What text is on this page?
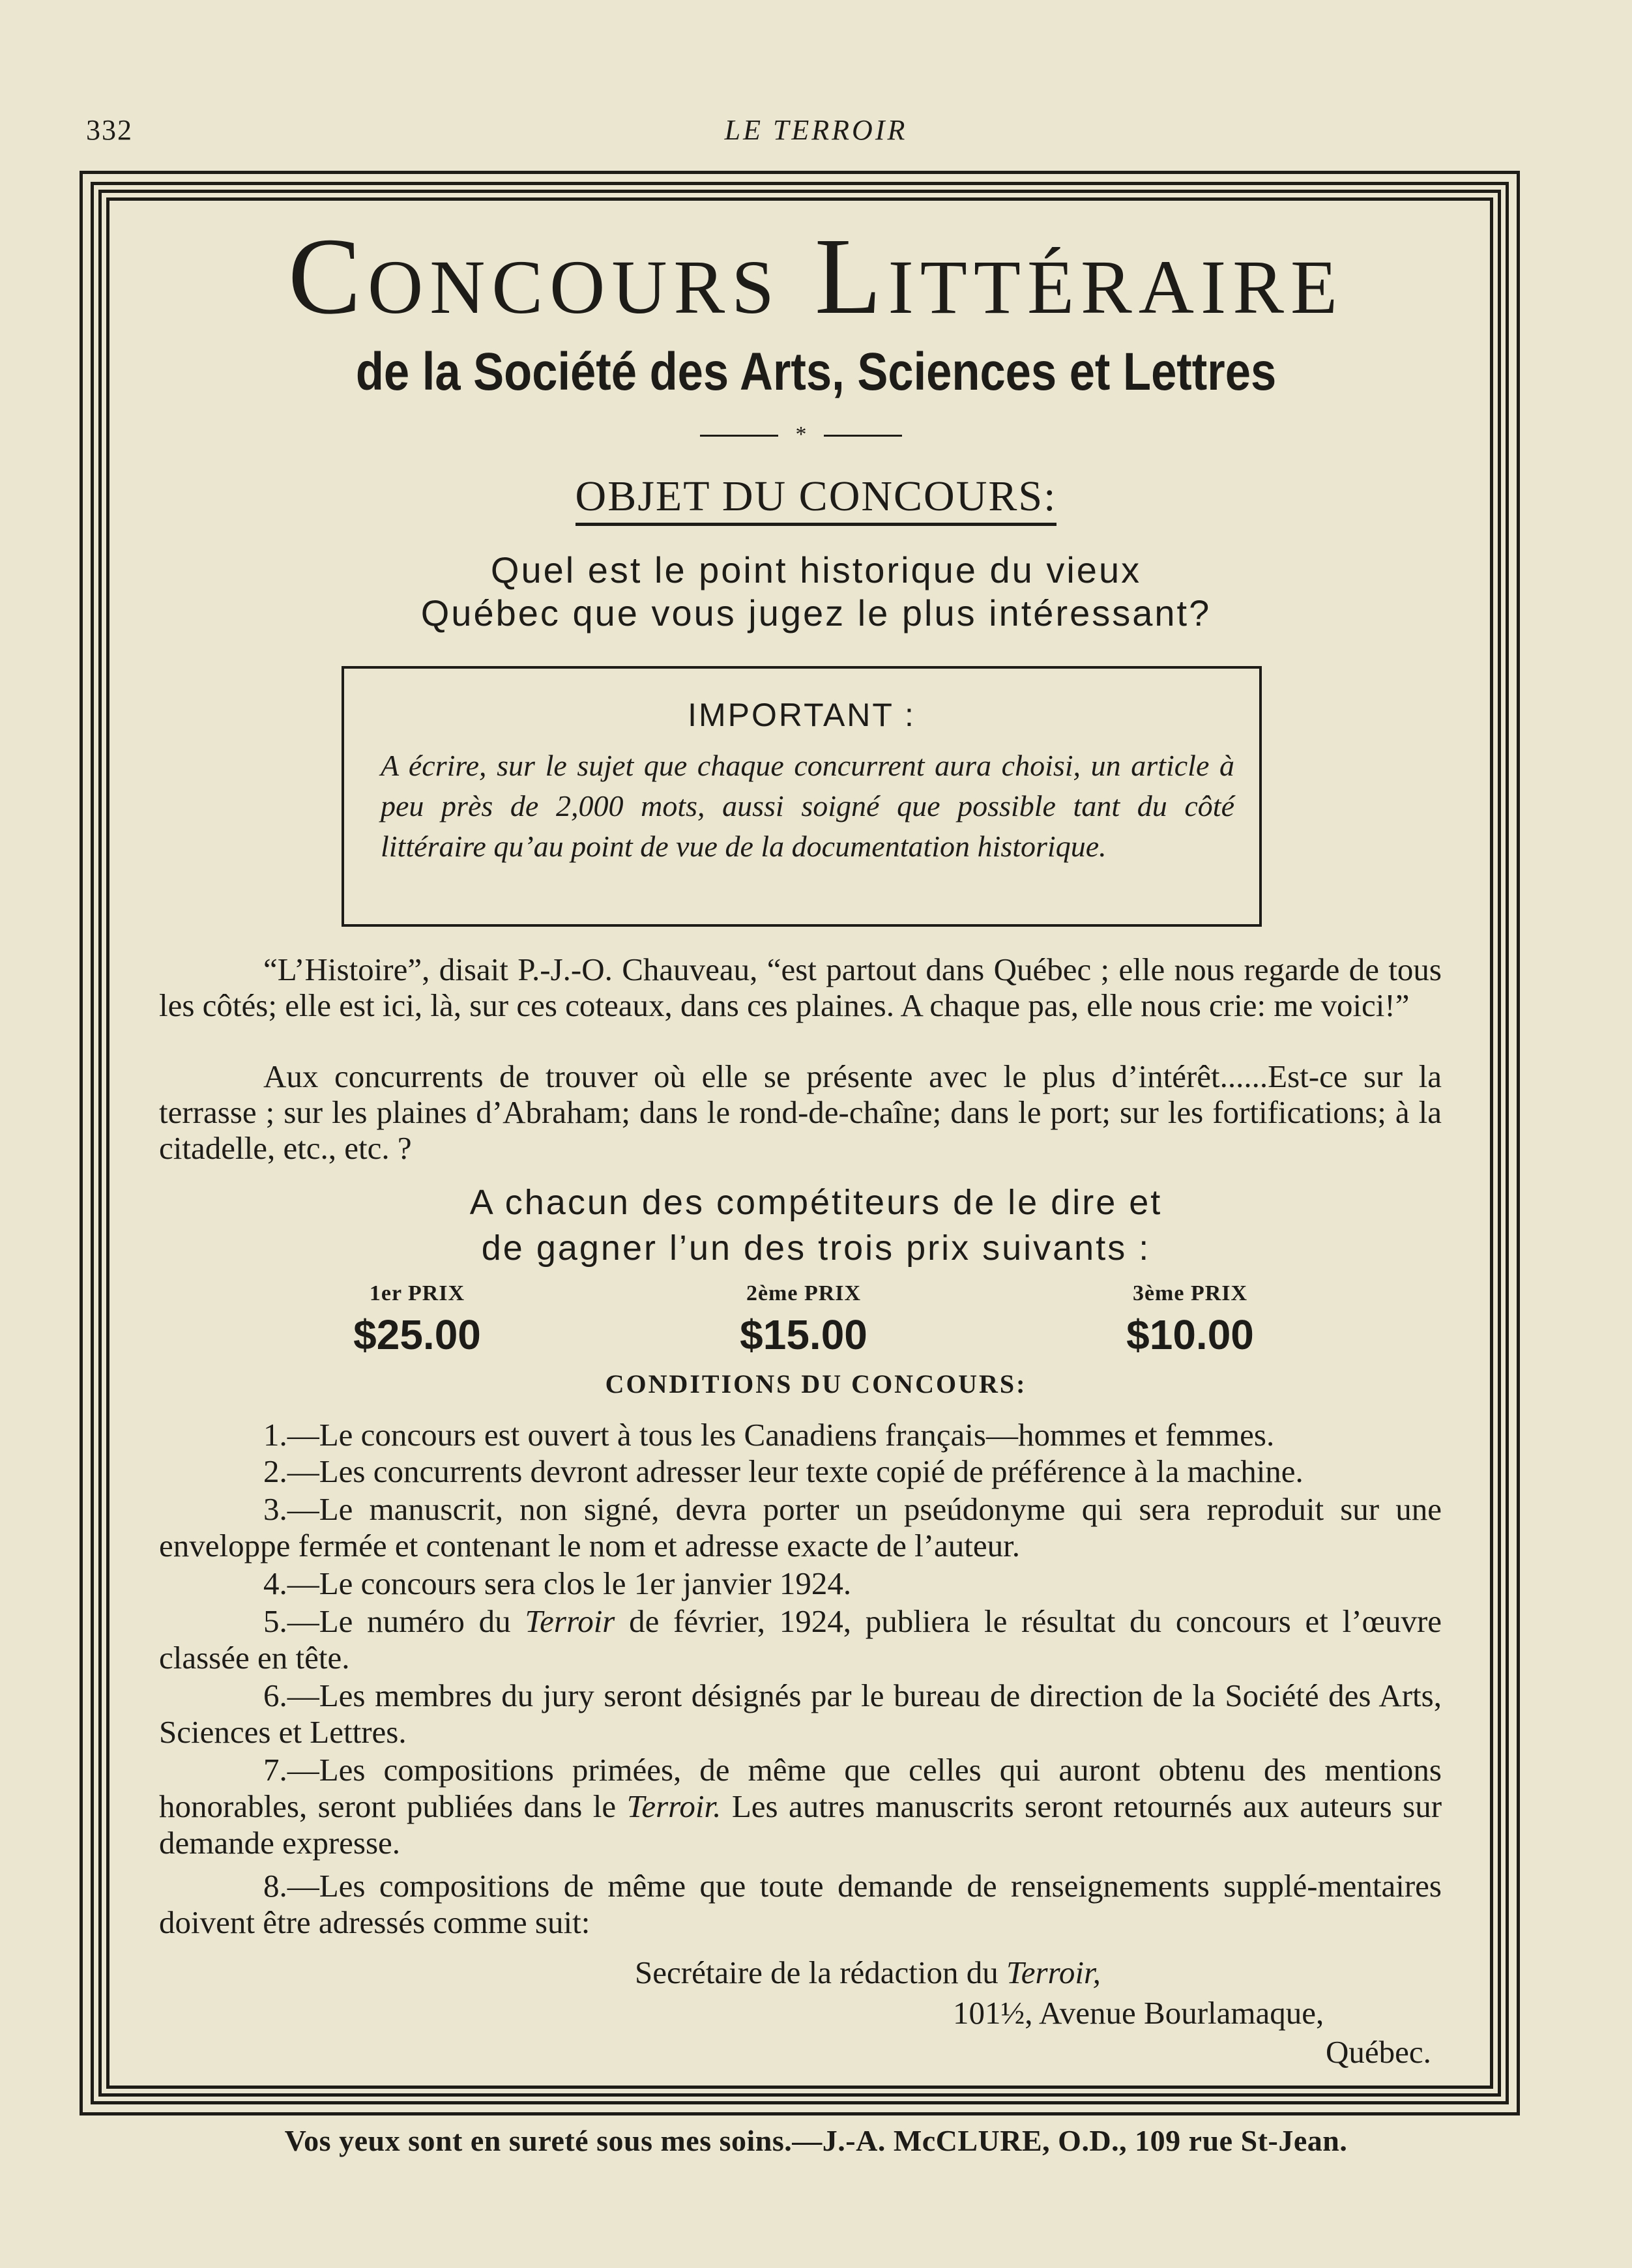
332	LE TERROIR
Concours Littéraire
de la Société des Arts, Sciences et Lettres
*
OBJET DU CONCOURS:
Quel est le point historique du vieux
Québec que vous jugez le plus intéressant?
IMPORTANT :
A écrire, sur le sujet que chaque concurrent aura choisi, un article à peu près de 2,000 mots, aussi soigné que possible tant du côté littéraire qu’au point de vue de la documentation historique.
“L’Histoire”, disait P.-J.-O. Chauveau, “est partout dans Québec ; elle nous regarde de tous les côtés; elle est ici, là, sur ces coteaux, dans ces plaines. A chaque pas, elle nous crie: me voici!”
Aux concurrents de trouver où elle se présente avec le plus d’intérêt......Est-ce sur la terrasse ; sur les plaines d’Abraham; dans le rond-de-chaîne; dans le port; sur les fortifications; à la citadelle, etc., etc. ?
A chacun des compétiteurs de le dire et
de gagner l’un des trois prix suivants :
1er PRIX
$25.00
2ème PRIX
$15.00
3ème PRIX
$10.00
CONDITIONS DU CONCOURS:
1.—Le concours est ouvert à tous les Canadiens français—hommes et femmes.
2.—Les concurrents devront adresser leur texte copié de préférence à la machine.
3.—Le manuscrit, non signé, devra porter un pseúdonyme qui sera reproduit sur une enveloppe fermée et contenant le nom et adresse exacte de l’auteur.
4.—Le concours sera clos le 1er janvier 1924.
5.—Le numéro du Terroir de février, 1924, publiera le résultat du concours et l’œuvre classée en tête.
6.—Les membres du jury seront désignés par le bureau de direction de la Société des Arts, Sciences et Lettres.
7.—Les compositions primées, de même que celles qui auront obtenu des mentions honorables, seront publiées dans le Terroir. Les autres manuscrits seront retournés aux auteurs sur demande expresse.
8.—Les compositions de même que toute demande de renseignements supplé-mentaires doivent être adressés comme suit:
Secrétaire de la rédaction du Terroir,
101½, Avenue Bourlamaque,
Québec.
Vos yeux sont en sureté sous mes soins.—J.-A. McCLURE, O.D., 109 rue St-Jean.
